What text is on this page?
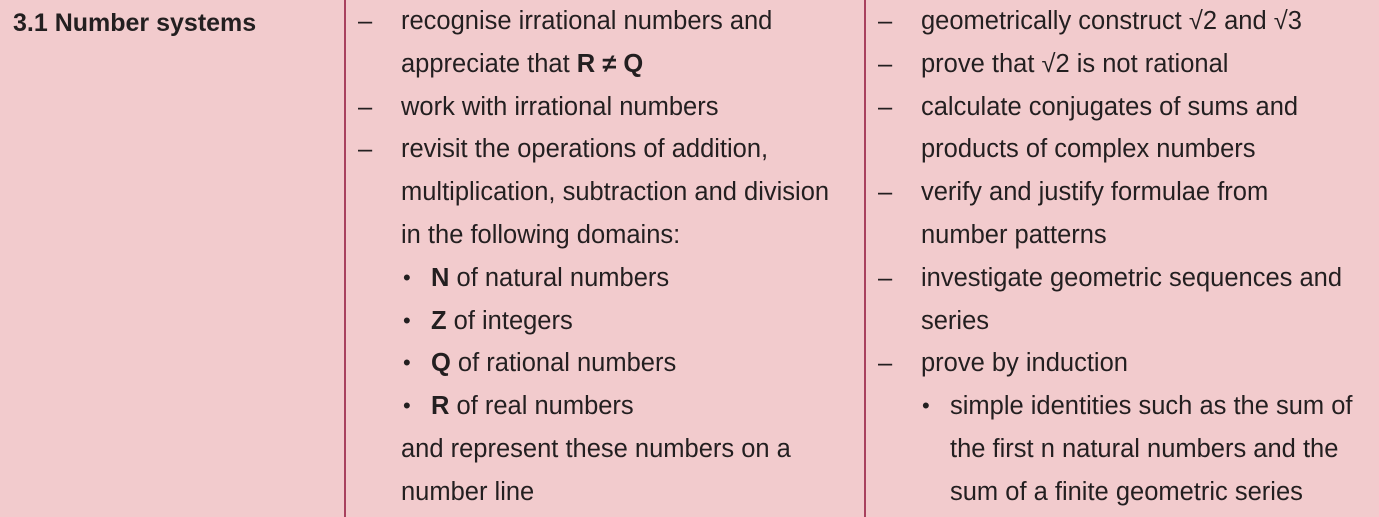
3.1 Number systems	– recognise irrational numbers and
appreciate that R ≠ Q
– work with irrational numbers
– revisit the operations of addition,
multiplication, subtraction and division
in the following domains:
• N of natural numbers
• Z of integers
• Q of rational numbers
• R of real numbers
and represent these numbers on a
number line
– geometrically construct √2 and √3
– prove that √2 is not rational
– calculate conjugates of sums and
products of complex numbers
– verify and justify formulae from
number patterns
– investigate geometric sequences and
series
– prove by induction
• simple identities such as the sum of
the first n natural numbers and the
sum of a finite geometric series
